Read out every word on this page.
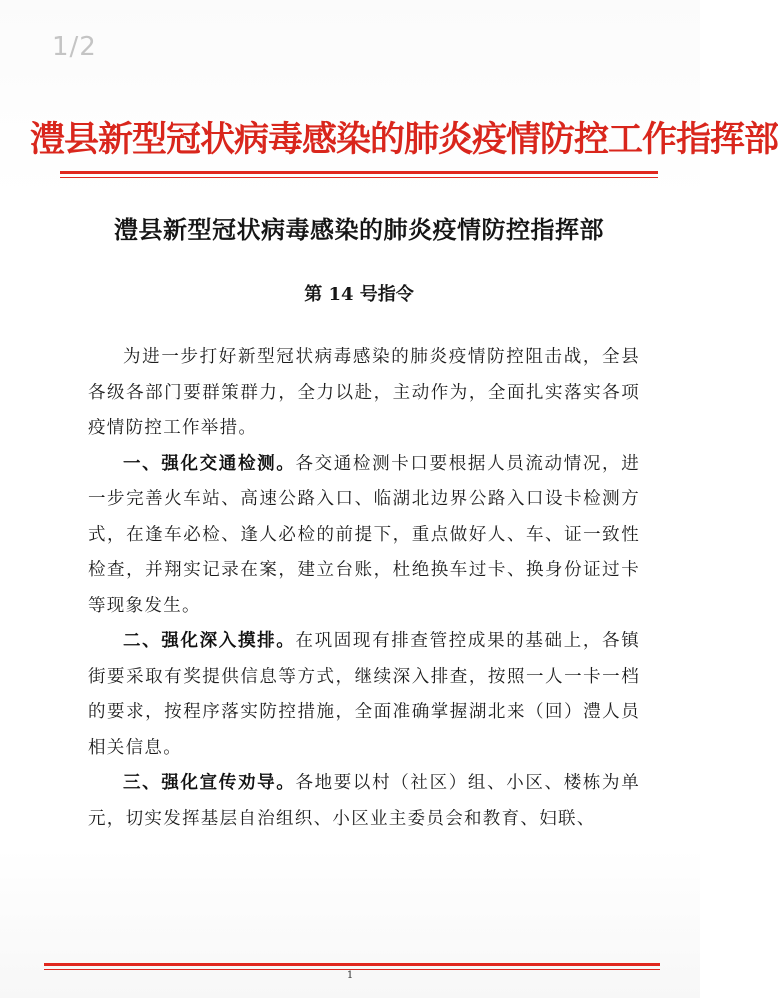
1/2
澧县新型冠状病毒感染的肺炎疫情防控工作指挥部
澧县新型冠状病毒感染的肺炎疫情防控指挥部
第 14 号指令

为进一步打好新型冠状病毒感染的肺炎疫情防控阻击战，全县各级各部门要群策群力，全力以赴，主动作为，全面扎实落实各项疫情防控工作举措。

一、强化交通检测。各交通检测卡口要根据人员流动情况，进一步完善火车站、高速公路入口、临湖北边界公路入口设卡检测方式，在逢车必检、逢人必检的前提下，重点做好人、车、证一致性检查，并翔实记录在案，建立台账，杜绝换车过卡、换身份证过卡等现象发生。

二、强化深入摸排。在巩固现有排查管控成果的基础上，各镇街要采取有奖提供信息等方式，继续深入排查，按照一人一卡一档的要求，按程序落实防控措施，全面准确掌握湖北来（回）澧人员相关信息。

三、强化宣传劝导。各地要以村（社区）组、小区、楼栋为单元，切实发挥基层自治组织、小区业主委员会和教育、妇联、

1
